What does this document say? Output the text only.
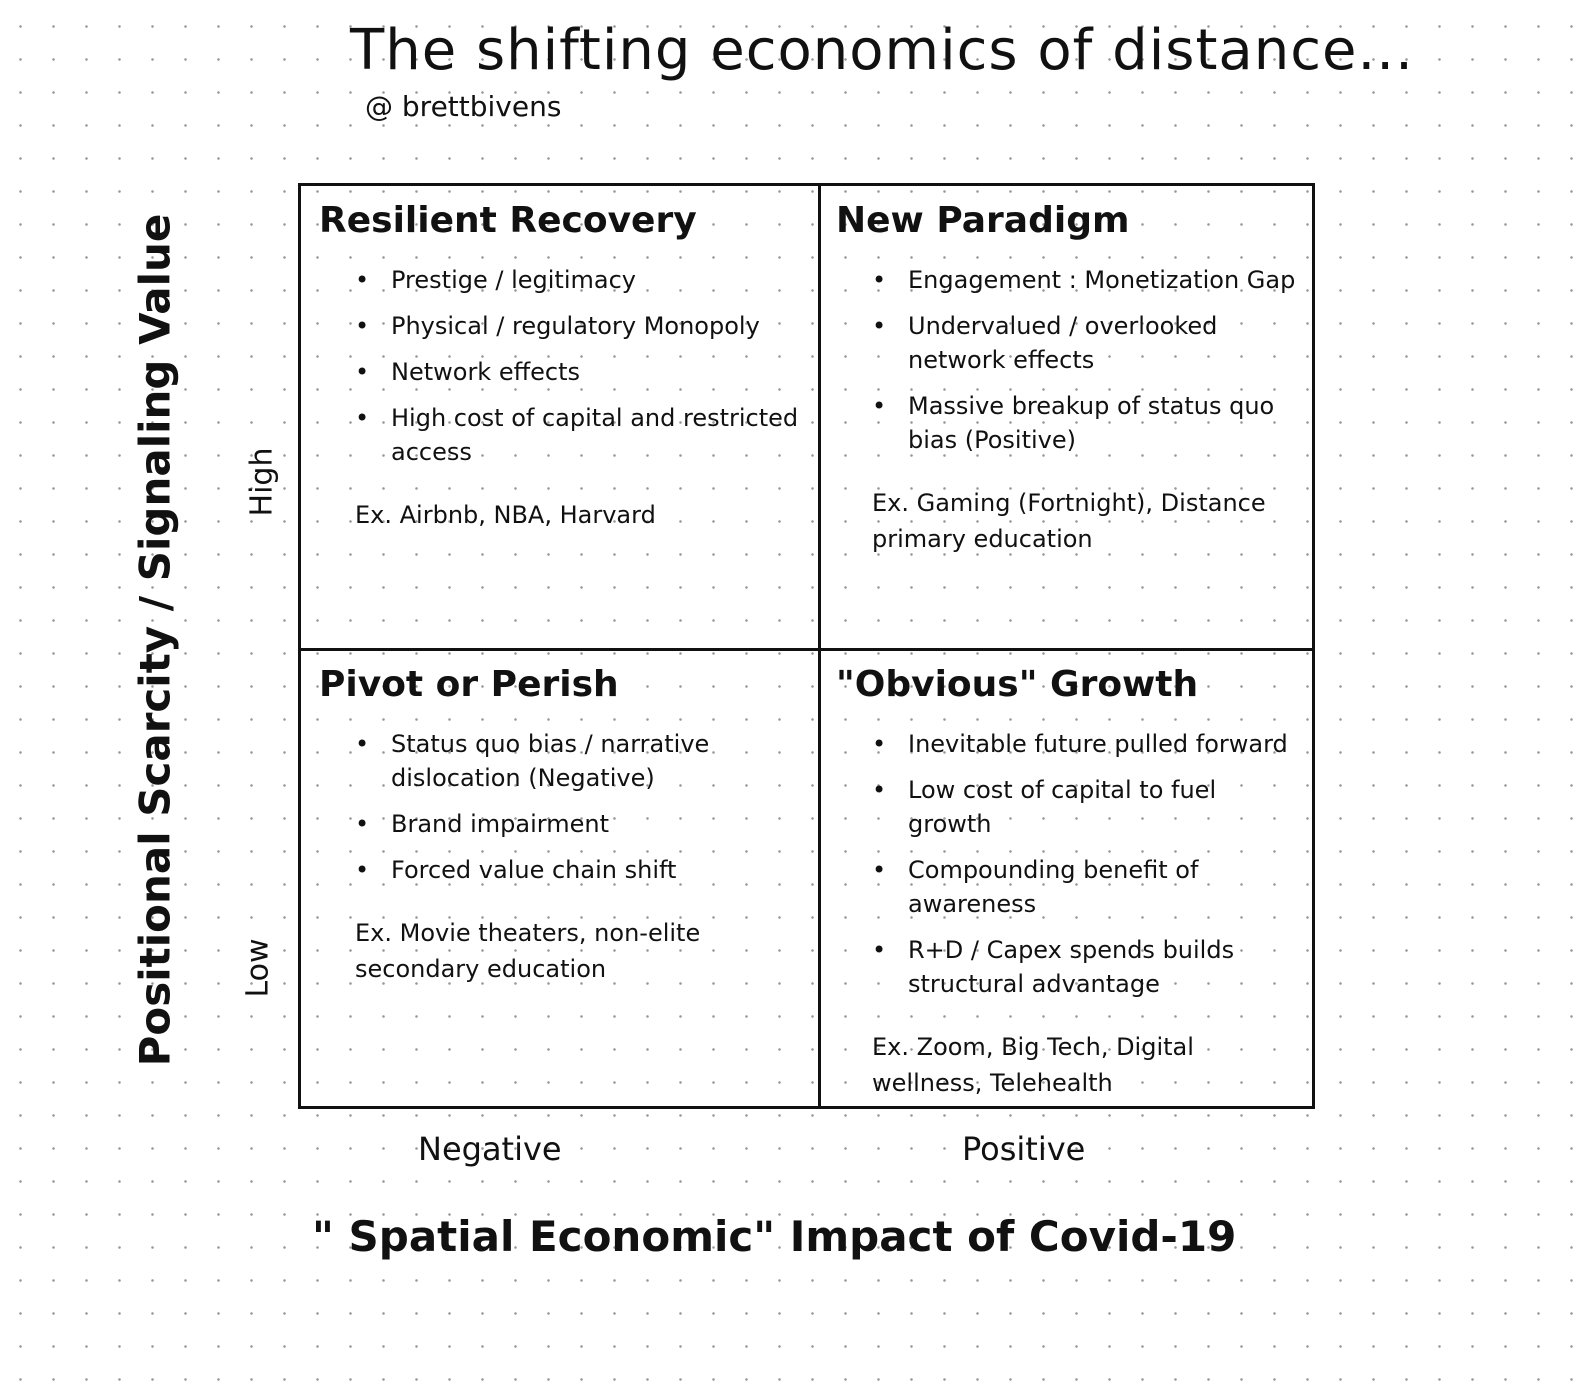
The shifting economics of distance...
@ brettbivens
Positional Scarcity / Signaling Value High
Low
Resilient Recovery
• Prestige / legitimacy
• Physical / regulatory Monopoly
• Network effects
• High cost of capital and restricted access
Ex. Airbnb, NBA, Harvard
New Paradigm
• Engagement : Monetization Gap
• Undervalued / overlooked network effects
• Massive breakup of status quo bias (Positive)
Ex. Gaming (Fortnight), Distance primary education
Pivot or Perish
• Status quo bias / narrative dislocation (Negative)
• Brand impairment
• Forced value chain shift
Ex. Movie theaters, non-elite secondary education
"Obvious" Growth
• Inevitable future pulled forward
• Low cost of capital to fuel growth
• Compounding benefit of awareness
• R+D / Capex spends builds structural advantage
Ex. Zoom, Big Tech, Digital wellness, Telehealth
Negative	Positive
" Spatial Economic" Impact of Covid-19
